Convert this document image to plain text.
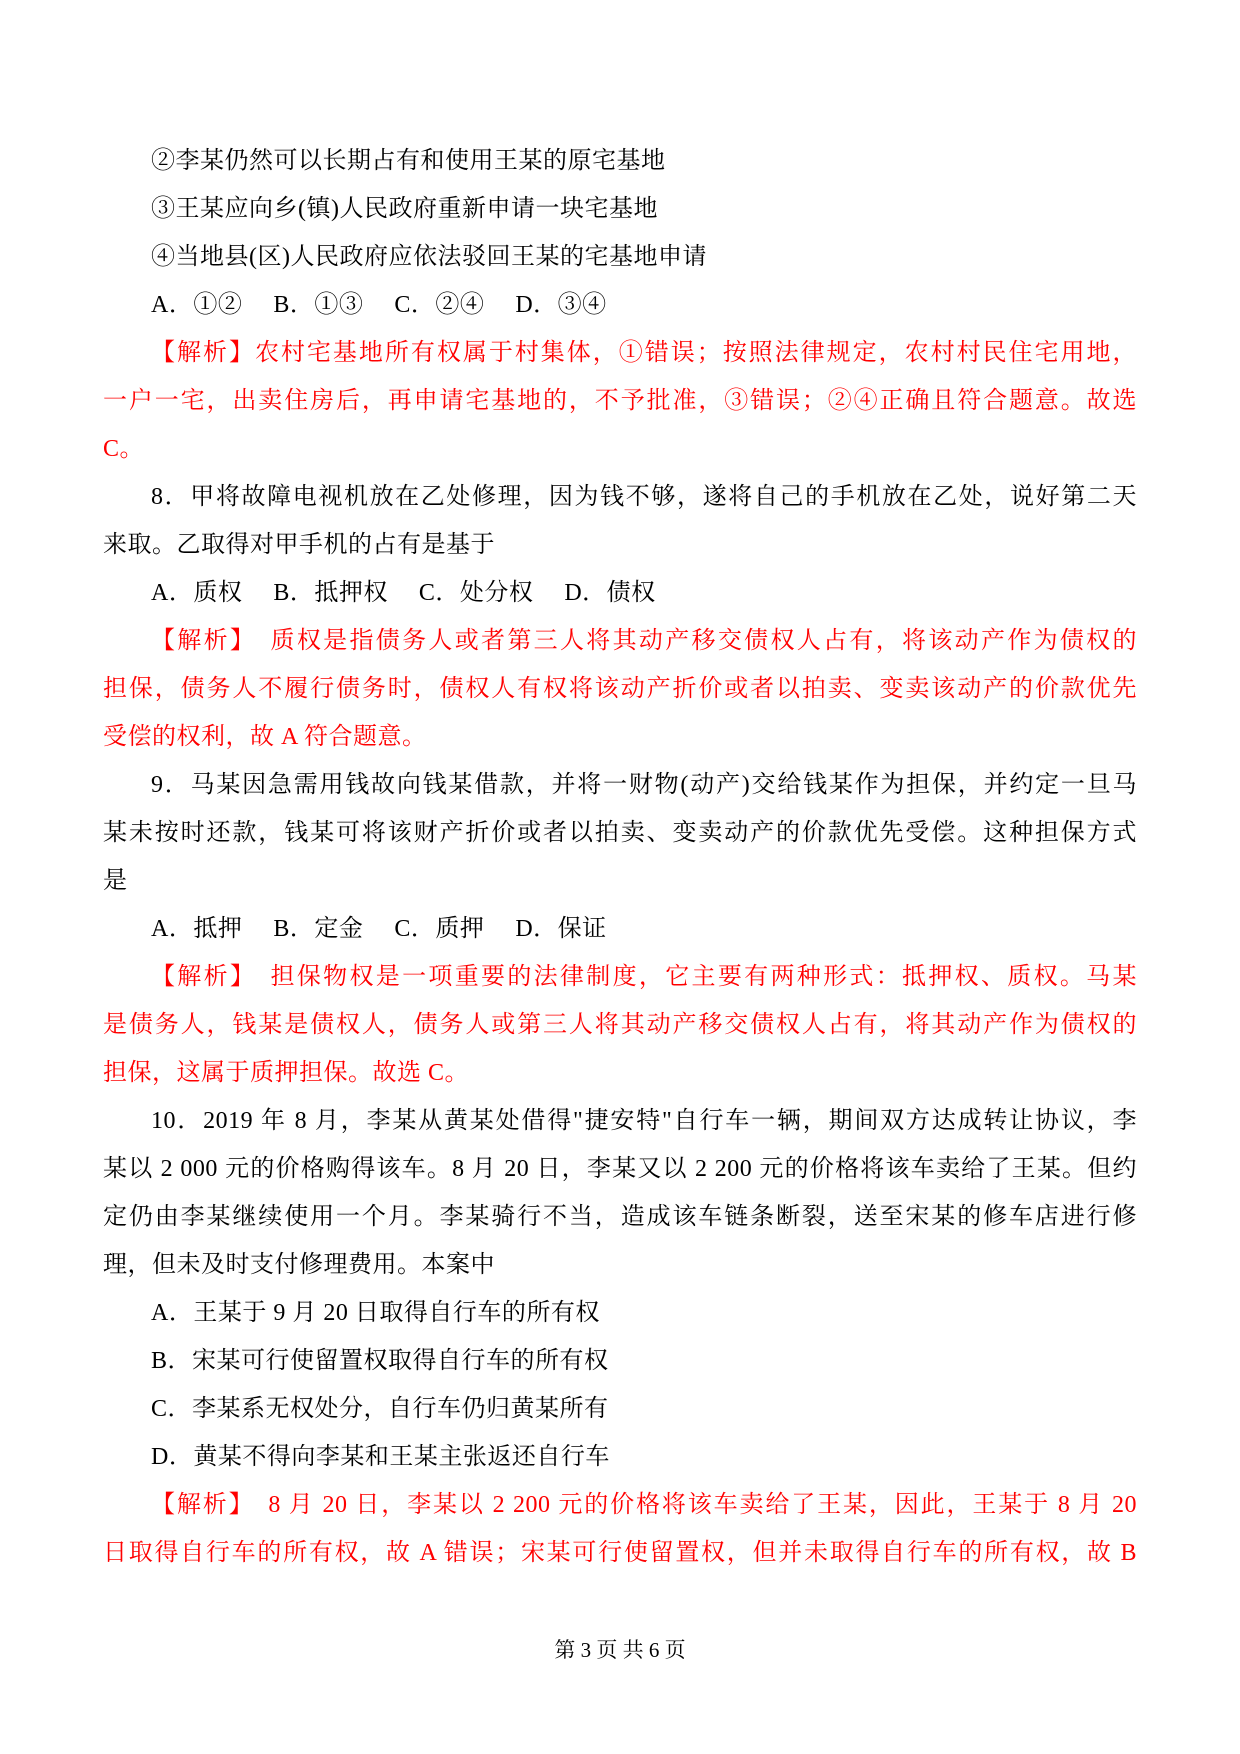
②李某仍然可以长期占有和使用王某的原宅基地
③王某应向乡(镇)人民政府重新申请一块宅基地
④当地县(区)人民政府应依法驳回王某的宅基地申请
A．①②　 B．①③　 C．②④　 D．③④
【解析】农村宅基地所有权属于村集体，①错误；按照法律规定，农村村民住宅用地，
一户一宅，出卖住房后，再申请宅基地的，不予批准，③错误；②④正确且符合题意。故选
C。
8．甲将故障电视机放在乙处修理，因为钱不够，遂将自己的手机放在乙处，说好第二天
来取。乙取得对甲手机的占有是基于
A．质权　 B．抵押权　 C．处分权　 D．债权
【解析】　质权是指债务人或者第三人将其动产移交债权人占有，将该动产作为债权的
担保，债务人不履行债务时，债权人有权将该动产折价或者以拍卖、变卖该动产的价款优先
受偿的权利，故 A 符合题意。
9．马某因急需用钱故向钱某借款，并将一财物(动产)交给钱某作为担保，并约定一旦马
某未按时还款，钱某可将该财产折价或者以拍卖、变卖动产的价款优先受偿。这种担保方式
是
A．抵押　 B．定金　 C．质押　 D．保证
【解析】　担保物权是一项重要的法律制度，它主要有两种形式：抵押权、质权。马某
是债务人，钱某是债权人，债务人或第三人将其动产移交债权人占有，将其动产作为债权的
担保，这属于质押担保。故选 C。
10．2019 年 8 月，李某从黄某处借得"捷安特"自行车一辆，期间双方达成转让协议，李
某以 2 000 元的价格购得该车。8 月 20 日，李某又以 2 200 元的价格将该车卖给了王某。但约
定仍由李某继续使用一个月。李某骑行不当，造成该车链条断裂，送至宋某的修车店进行修
理，但未及时支付修理费用。本案中
A．王某于 9 月 20 日取得自行车的所有权
B．宋某可行使留置权取得自行车的所有权
C．李某系无权处分，自行车仍归黄某所有
D．黄某不得向李某和王某主张返还自行车
【解析】　8 月 20 日，李某以 2 200 元的价格将该车卖给了王某，因此，王某于 8 月 20
日取得自行车的所有权，故 A 错误；宋某可行使留置权，但并未取得自行车的所有权，故 B
第 3 页 共 6 页
